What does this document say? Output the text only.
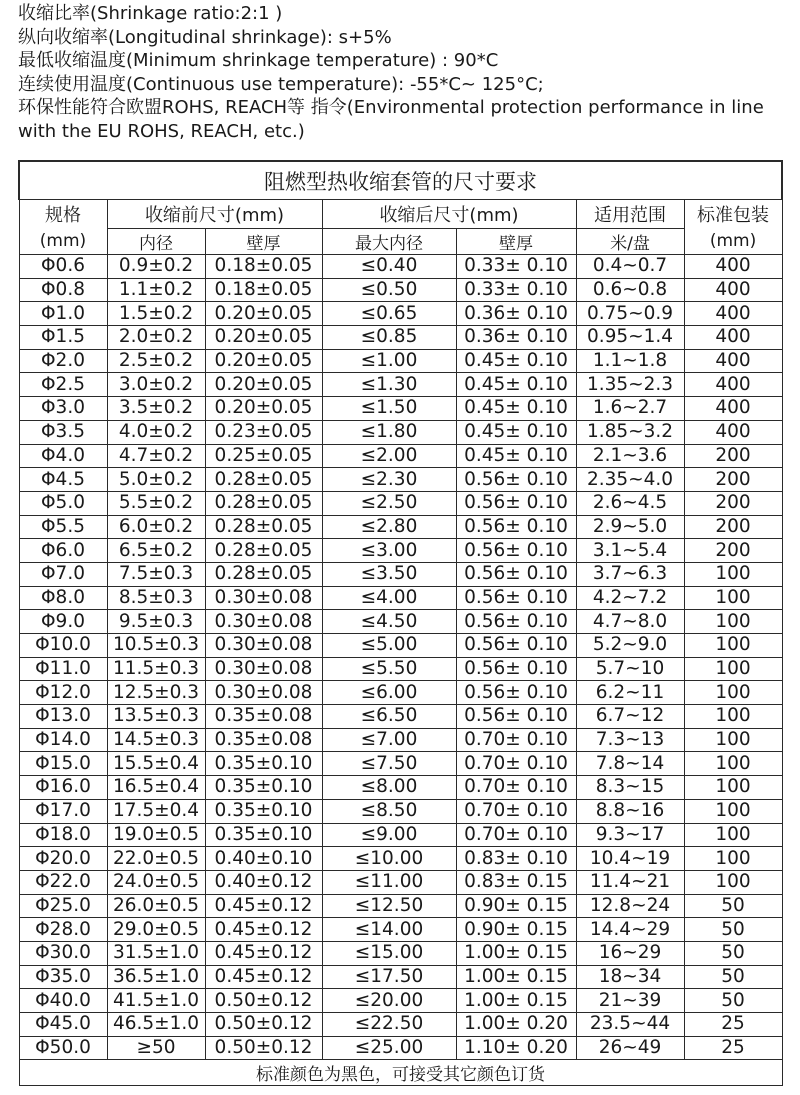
收缩比率(Shrinkage ratio:2:1 )

纵向收缩率(Longitudinal shrinkage): s+5%

最低收缩温度(Minimum shrinkage temperature) : 90*C

连续使用温度(Continuous use temperature): -55*C~ 125°C;

环保性能符合欧盟ROHS, REACH等 指令(Environmental protection performance in line with the EU ROHS, REACH, etc.)

阻燃型热收缩套管的尺寸要求						
规格	收缩前尺寸(mm)		收缩后尺寸(mm)		适用范围	标准包装
(mm)	内径	壁厚	最大内径	壁厚	米/盘	(mm)
Φ0.6	0.9±0.2	0.18±0.05	≤0.40	0.33± 0.10	0.4~0.7	400
Φ0.8	1.1±0.2	0.18±0.05	≤0.50	0.33± 0.10	0.6~0.8	400
Φ1.0	1.5±0.2	0.20±0.05	≤0.65	0.36± 0.10	0.75~0.9	400
Φ1.5	2.0±0.2	0.20±0.05	≤0.85	0.36± 0.10	0.95~1.4	400
Φ2.0	2.5±0.2	0.20±0.05	≤1.00	0.45± 0.10	1.1~1.8	400
Φ2.5	3.0±0.2	0.20±0.05	≤1.30	0.45± 0.10	1.35~2.3	400
Φ3.0	3.5±0.2	0.20±0.05	≤1.50	0.45± 0.10	1.6~2.7	400
Φ3.5	4.0±0.2	0.23±0.05	≤1.80	0.45± 0.10	1.85~3.2	400
Φ4.0	4.7±0.2	0.25±0.05	≤2.00	0.45± 0.10	2.1~3.6	200
Φ4.5	5.0±0.2	0.28±0.05	≤2.30	0.56± 0.10	2.35~4.0	200
Φ5.0	5.5±0.2	0.28±0.05	≤2.50	0.56± 0.10	2.6~4.5	200
Φ5.5	6.0±0.2	0.28±0.05	≤2.80	0.56± 0.10	2.9~5.0	200
Φ6.0	6.5±0.2	0.28±0.05	≤3.00	0.56± 0.10	3.1~5.4	200
Φ7.0	7.5±0.3	0.28±0.05	≤3.50	0.56± 0.10	3.7~6.3	100
Φ8.0	8.5±0.3	0.30±0.08	≤4.00	0.56± 0.10	4.2~7.2	100
Φ9.0	9.5±0.3	0.30±0.08	≤4.50	0.56± 0.10	4.7~8.0	100
Φ10.0	10.5±0.3	0.30±0.08	≤5.00	0.56± 0.10	5.2~9.0	100
Φ11.0	11.5±0.3	0.30±0.08	≤5.50	0.56± 0.10	5.7~10	100
Φ12.0	12.5±0.3	0.30±0.08	≤6.00	0.56± 0.10	6.2~11	100
Φ13.0	13.5±0.3	0.35±0.08	≤6.50	0.56± 0.10	6.7~12	100
Φ14.0	14.5±0.3	0.35±0.08	≤7.00	0.70± 0.10	7.3~13	100
Φ15.0	15.5±0.4	0.35±0.10	≤7.50	0.70± 0.10	7.8~14	100
Φ16.0	16.5±0.4	0.35±0.10	≤8.00	0.70± 0.10	8.3~15	100
Φ17.0	17.5±0.4	0.35±0.10	≤8.50	0.70± 0.10	8.8~16	100
Φ18.0	19.0±0.5	0.35±0.10	≤9.00	0.70± 0.10	9.3~17	100
Φ20.0	22.0±0.5	0.40±0.10	≤10.00	0.83± 0.10	10.4~19	100
Φ22.0	24.0±0.5	0.40±0.12	≤11.00	0.83± 0.15	11.4~21	100
Φ25.0	26.0±0.5	0.45±0.12	≤12.50	0.90± 0.15	12.8~24	50
Φ28.0	29.0±0.5	0.45±0.12	≤14.00	0.90± 0.15	14.4~29	50
Φ30.0	31.5±1.0	0.45±0.12	≤15.00	1.00± 0.15	16~29	50
Φ35.0	36.5±1.0	0.45±0.12	≤17.50	1.00± 0.15	18~34	50
Φ40.0	41.5±1.0	0.50±0.12	≤20.00	1.00± 0.15	21~39	50
Φ45.0	46.5±1.0	0.50±0.12	≤22.50	1.00± 0.20	23.5~44	25
Φ50.0	≥50	0.50±0.12	≤25.00	1.10± 0.20	26~49	25
标准颜色为黑色，可接受其它颜色订货						
